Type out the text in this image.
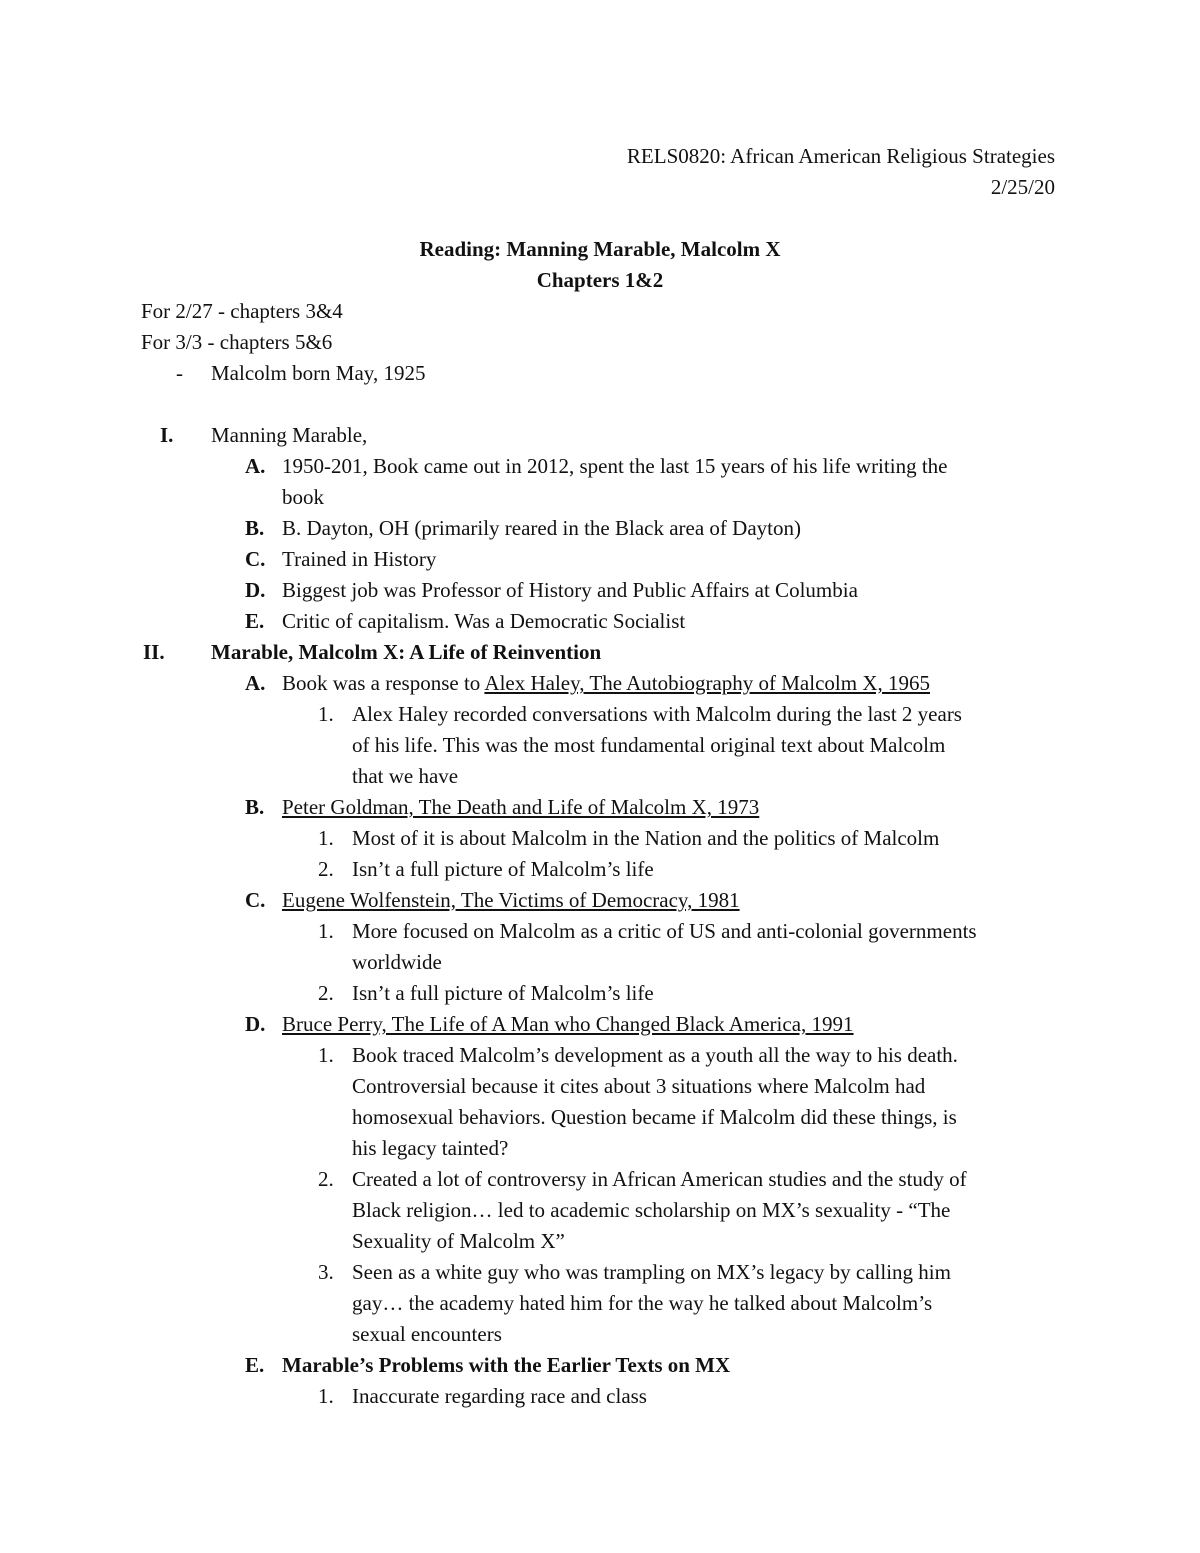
RELS0820: African American Religious Strategies
2/25/20
Reading: Manning Marable, Malcolm X
Chapters 1&2
For 2/27 - chapters 3&4
For 3/3 - chapters 5&6
- Malcolm born May, 1925
I. Manning Marable,
A. 1950-201, Book came out in 2012, spent the last 15 years of his life writing the
book
B. B. Dayton, OH (primarily reared in the Black area of Dayton)
C. Trained in History
D. Biggest job was Professor of History and Public Affairs at Columbia
E. Critic of capitalism. Was a Democratic Socialist
II. Marable, Malcolm X: A Life of Reinvention
A. Book was a response to Alex Haley, The Autobiography of Malcolm X, 1965
1. Alex Haley recorded conversations with Malcolm during the last 2 years
of his life. This was the most fundamental original text about Malcolm
that we have
B. Peter Goldman, The Death and Life of Malcolm X, 1973
1. Most of it is about Malcolm in the Nation and the politics of Malcolm
2. Isn’t a full picture of Malcolm’s life
C. Eugene Wolfenstein, The Victims of Democracy, 1981
1. More focused on Malcolm as a critic of US and anti-colonial governments
worldwide
2. Isn’t a full picture of Malcolm’s life
D. Bruce Perry, The Life of A Man who Changed Black America, 1991
1. Book traced Malcolm’s development as a youth all the way to his death.
Controversial because it cites about 3 situations where Malcolm had
homosexual behaviors. Question became if Malcolm did these things, is
his legacy tainted?
2. Created a lot of controversy in African American studies and the study of
Black religion… led to academic scholarship on MX’s sexuality - “The
Sexuality of Malcolm X”
3. Seen as a white guy who was trampling on MX’s legacy by calling him
gay… the academy hated him for the way he talked about Malcolm’s
sexual encounters
E. Marable’s Problems with the Earlier Texts on MX
1. Inaccurate regarding race and class
